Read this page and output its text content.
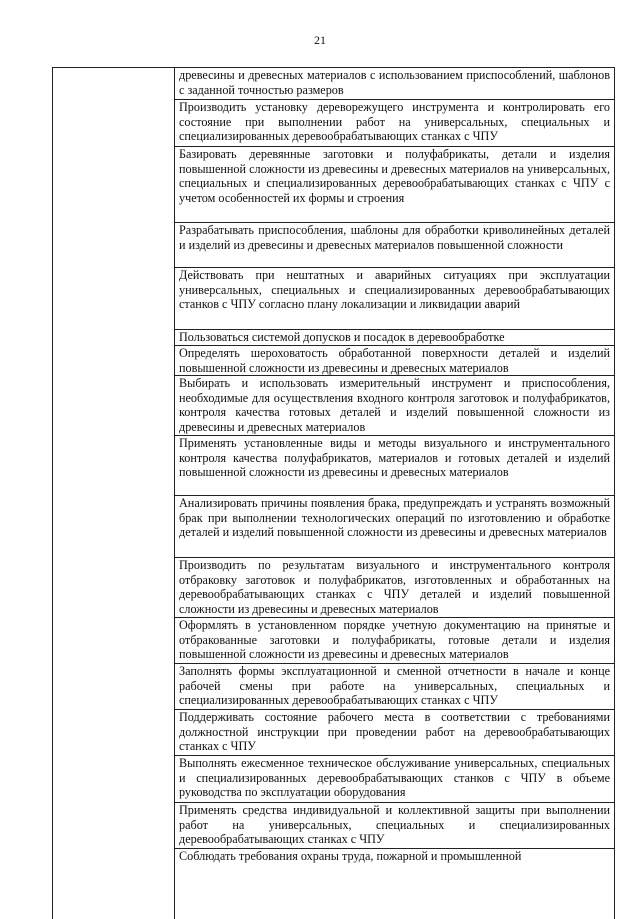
21
	древесины и древесных материалов с использованием приспособлений, шаблонов с заданной точностью размеров
Производить установку дереворежущего инструмента и контролировать его состояние при выполнении работ на универсальных, специальных и специализированных деревообрабатывающих станках с ЧПУ
Базировать деревянные заготовки и полуфабрикаты, детали и изделия повышенной сложности из древесины и древесных материалов на универсальных, специальных и специализированных деревообрабатывающих станках с ЧПУ с учетом особенностей их формы и строения
Разрабатывать приспособления, шаблоны для обработки криволинейных деталей и изделий из древесины и древесных материалов повышенной сложности
Действовать при нештатных и аварийных ситуациях при эксплуатации универсальных, специальных и специализированных деревообрабатывающих станков с ЧПУ согласно плану локализации и ликвидации аварий
Пользоваться системой допусков и посадок в деревообработке
Определять шероховатость обработанной поверхности деталей и изделий повышенной сложности из древесины и древесных материалов
Выбирать и использовать измерительный инструмент и приспособления, необходимые для осуществления входного контроля заготовок и полуфабрикатов, контроля качества готовых деталей и изделий повышенной сложности из древесины и древесных материалов
Применять установленные виды и методы визуального и инструментального контроля качества полуфабрикатов, материалов и готовых деталей и изделий повышенной сложности из древесины и древесных материалов
Анализировать причины появления брака, предупреждать и устранять возможный брак при выполнении технологических операций по изготовлению и обработке деталей и изделий повышенной сложности из древесины и древесных материалов
Производить по результатам визуального и инструментального контроля отбраковку заготовок и полуфабрикатов, изготовленных и обработанных на деревообрабатывающих станках с ЧПУ деталей и изделий повышенной сложности из древесины и древесных материалов
Оформлять в установленном порядке учетную документацию на принятые и отбракованные заготовки и полуфабрикаты, готовые детали и изделия повышенной сложности из древесины и древесных материалов
Заполнять формы эксплуатационной и сменной отчетности в начале и конце рабочей смены при работе на универсальных, специальных и специализированных деревообрабатывающих станках с ЧПУ
Поддерживать состояние рабочего места в соответствии с требованиями должностной инструкции при проведении работ на деревообрабатывающих станках с ЧПУ
Выполнять ежесменное техническое обслуживание универсальных, специальных и специализированных деревообрабатывающих станков с ЧПУ в объеме руководства по эксплуатации оборудования
Применять средства индивидуальной и коллективной защиты при выполнении работ на универсальных, специальных и специализированных деревообрабатывающих станках с ЧПУ
Соблюдать требования охраны труда, пожарной и промышленной
